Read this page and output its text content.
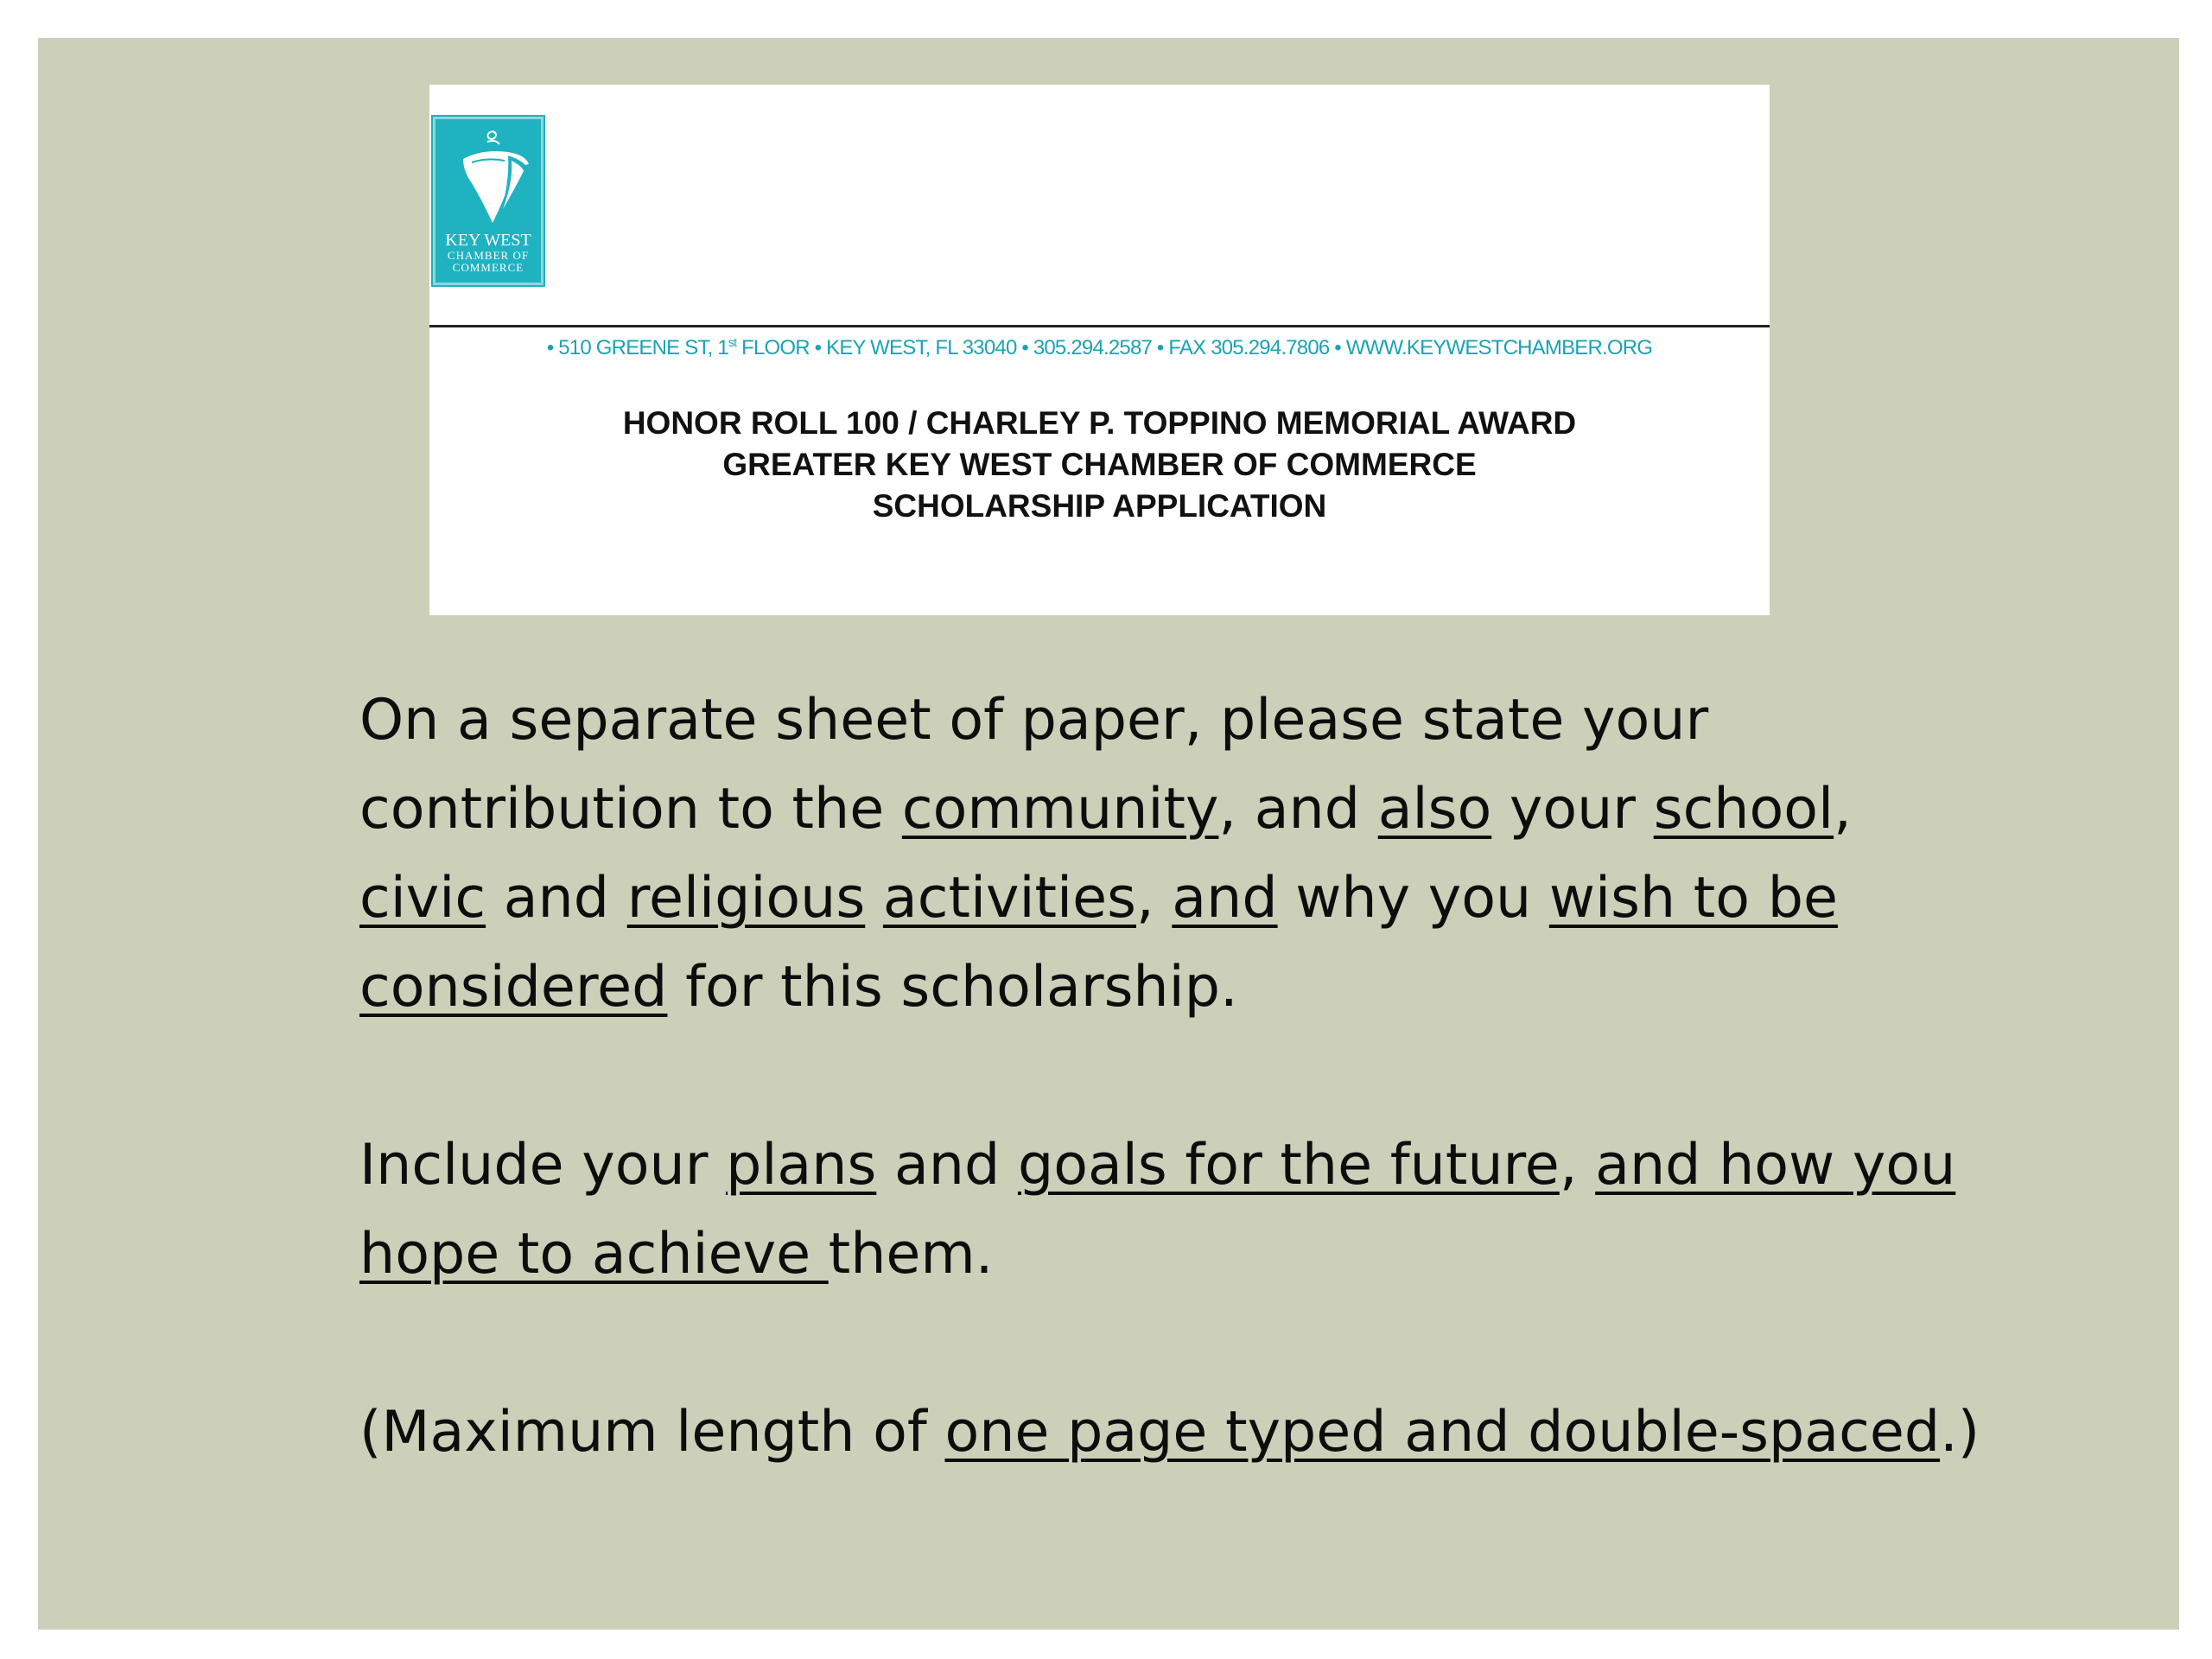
KEY WEST
CHAMBER OF
COMMERCE
• 510 GREENE ST, 1st FLOOR • KEY WEST, FL 33040 • 305.294.2587 • FAX 305.294.7806 • WWW.KEYWESTCHAMBER.ORG
HONOR ROLL 100 / CHARLEY P. TOPPINO MEMORIAL AWARD
GREATER KEY WEST CHAMBER OF COMMERCE
SCHOLARSHIP APPLICATION

On a separate sheet of paper, please state your contribution to the community, and also your school, civic and religious activities, and why you wish to be considered for this scholarship.

Include your plans and goals for the future, and how you hope to achieve them.

(Maximum length of one page typed and double-spaced.)
